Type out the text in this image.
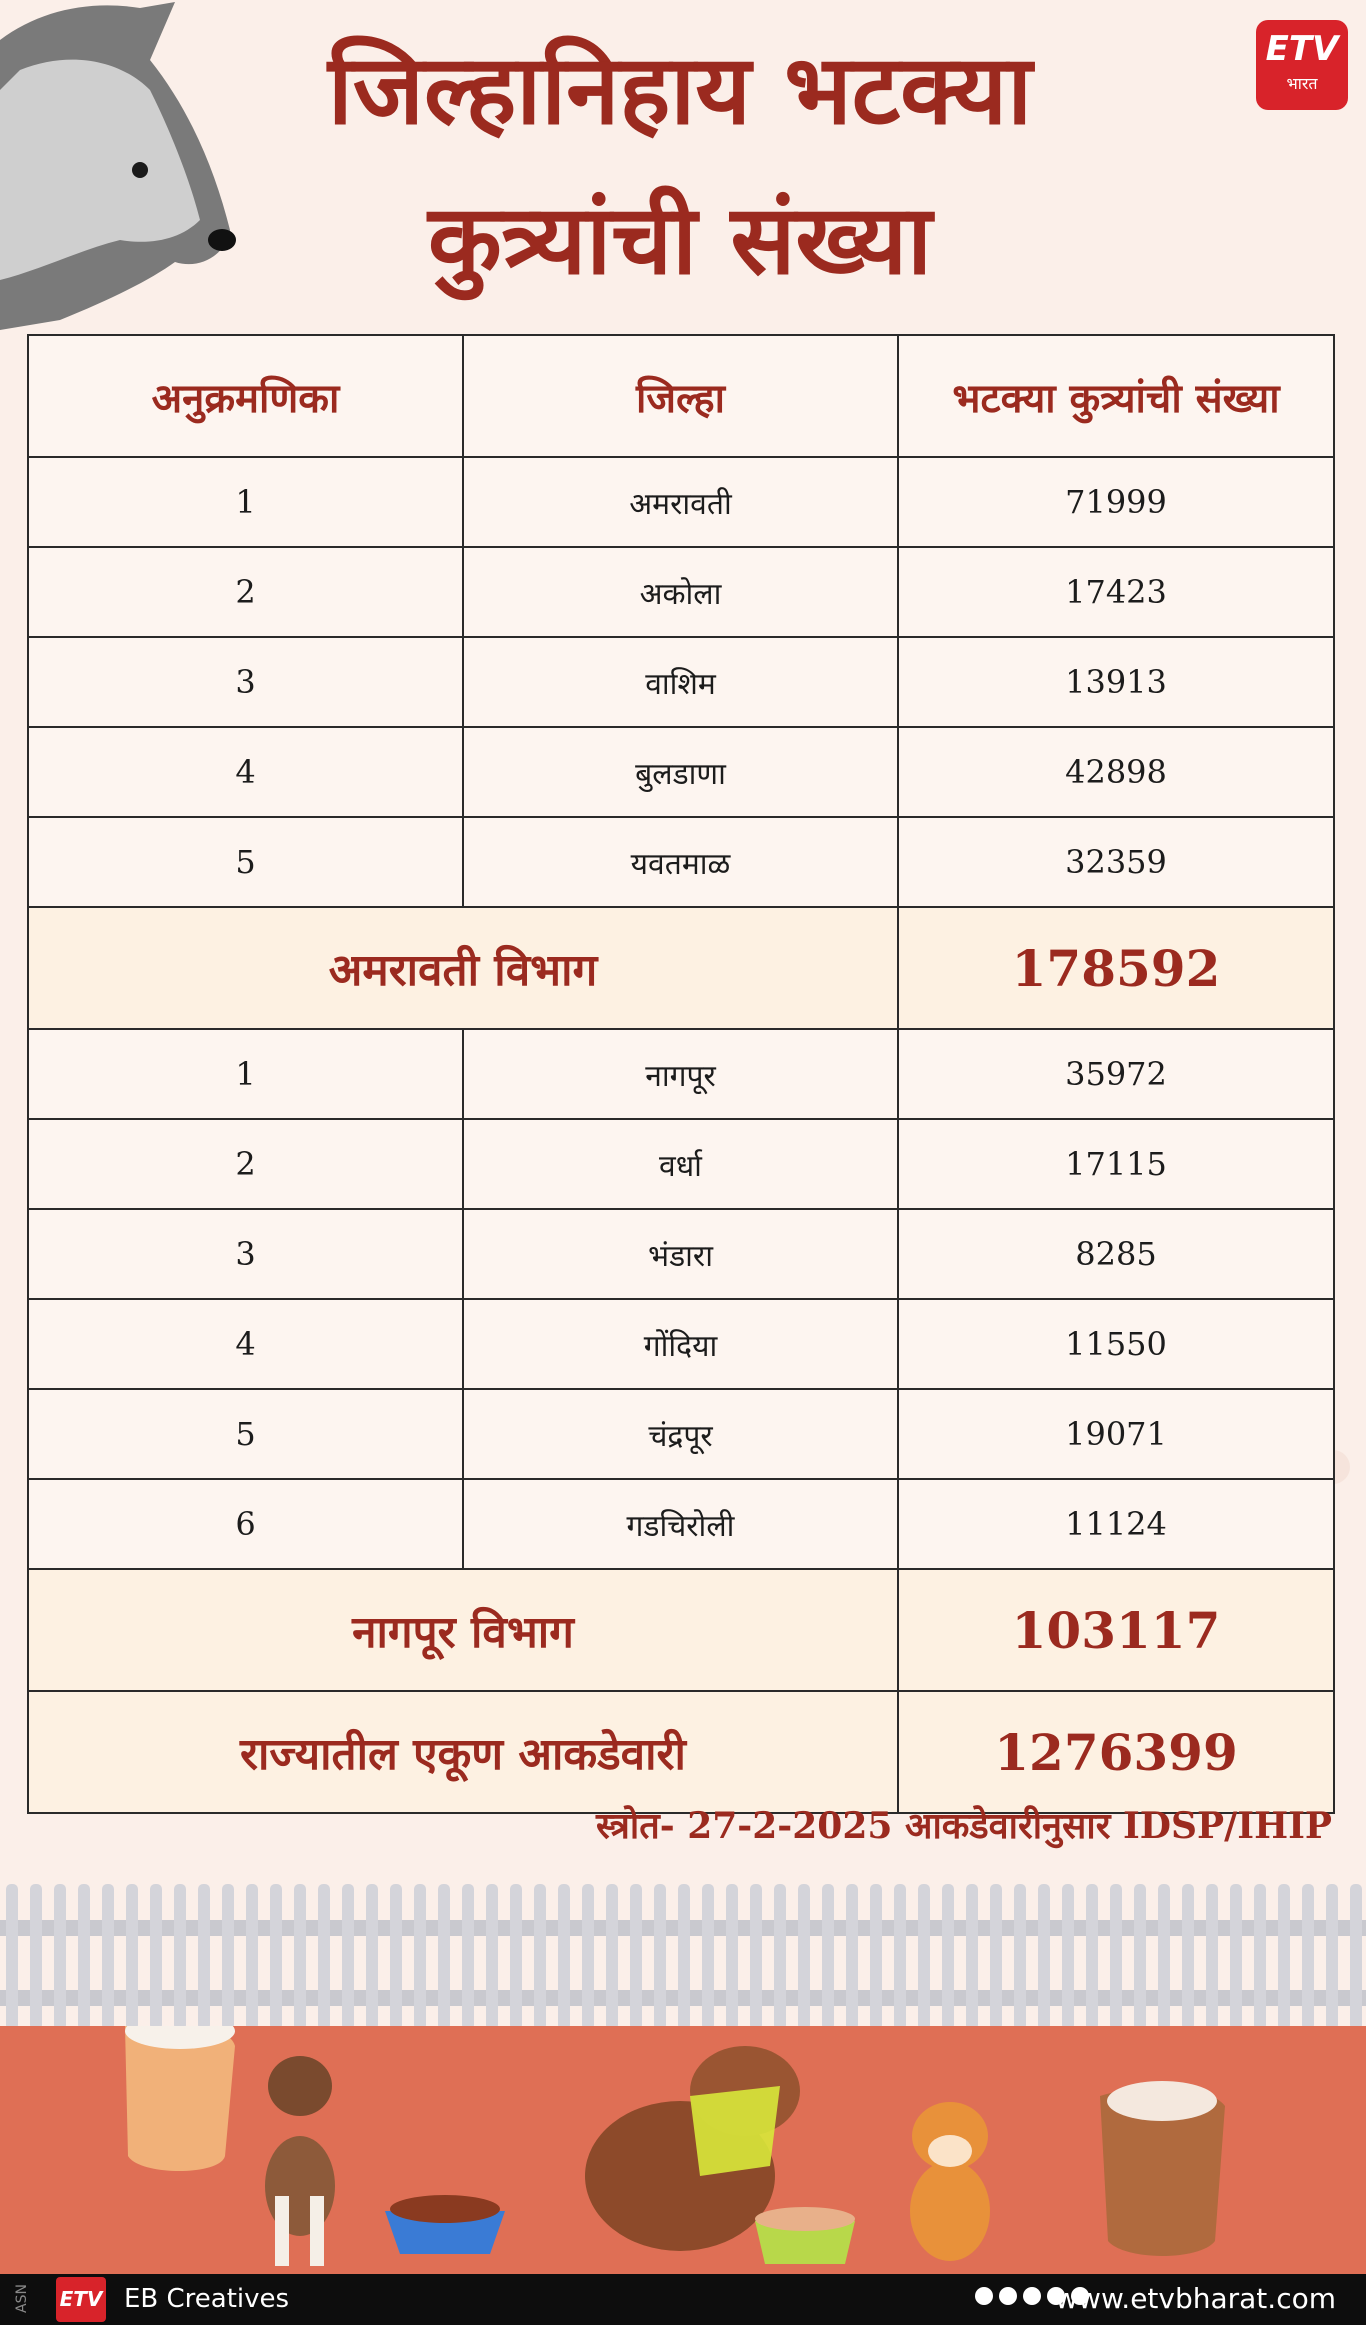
जिल्हानिहाय भटक्या
कुत्र्यांची संख्या
ETV
भारत
अनुक्रमणिका	जिल्हा	भटक्या कुत्र्यांची संख्या
1	अमरावती	71999
2	अकोला	17423
3	वाशिम	13913
4	बुलडाणा	42898
5	यवतमाळ	32359
अमरावती विभाग		178592
1	नागपूर	35972
2	वर्धा	17115
3	भंडारा	8285
4	गोंदिया	11550
5	चंद्रपूर	19071
6	गडचिरोली	11124
नागपूर विभाग		103117
राज्यातील एकूण आकडेवारी		1276399
स्त्रोत- 27-2-2025 आकडेवारीनुसार IDSP/IHIP
ASN ETV EB Creatives	www.etvbharat.com
